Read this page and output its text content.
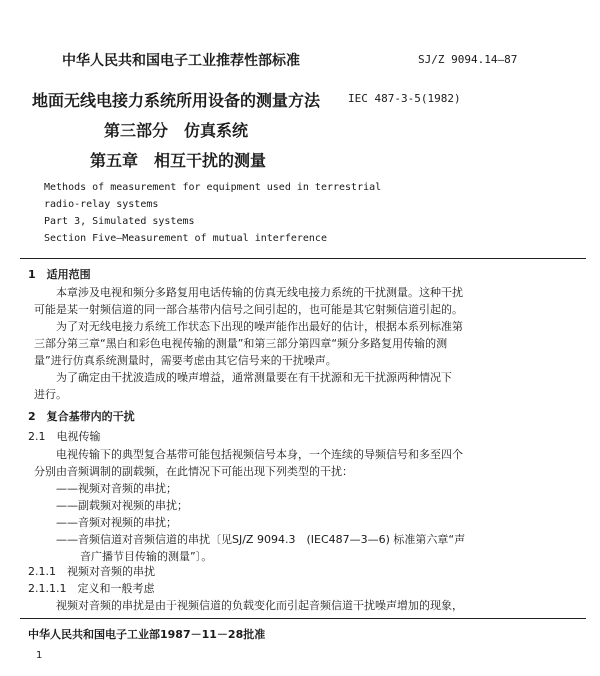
中华人民共和国电子工业推荐性部标准	SJ/Z 9094.14—87
地面无线电接力系统所用设备的测量方法	IEC 487-3-5(1982)
第三部分　仿真系统
第五章　相互干扰的测量
Methods of measurement for equipment used in terrestrial
radio-relay systems
Part 3, Simulated systems
Section Five—Measurement of mutual interference
1　适用范围
本章涉及电视和频分多路复用电话传输的仿真无线电接力系统的干扰测量。这种干扰
可能是某一射频信道的同一部合基带内信号之间引起的，也可能是其它射频信道引起的。
为了对无线电接力系统工作状态下出现的噪声能作出最好的估计，根据本系列标准第
三部分第三章“黑白和彩色电视传输的测量”和第三部分第四章“频分多路复用传输的测
量”进行仿真系统测量时，需要考虑由其它信号来的干扰噪声。
为了确定由干扰波造成的噪声增益，通常测量要在有干扰源和无干扰源两种情况下
进行。
2　复合基带内的干扰
2.1　电视传输
电视传输下的典型复合基带可能包括视频信号本身，一个连续的导频信号和多至四个
分别由音频调制的副载频，在此情况下可能出现下列类型的干扰：
——视频对音频的串扰；
——副载频对视频的串扰；
——音频对视频的串扰；
——音频信道对音频信道的串扰〔见SJ/Z 9094.3　(IEC487—3—6) 标准第六章“声
音广播节目传输的测量”〕。
2.1.1　视频对音频的串扰
2.1.1.1　定义和一般考虑
视频对音频的串扰是由于视频信道的负载变化而引起音频信道干扰噪声增加的现象，
中华人民共和国电子工业部1987－11－28批准
1
